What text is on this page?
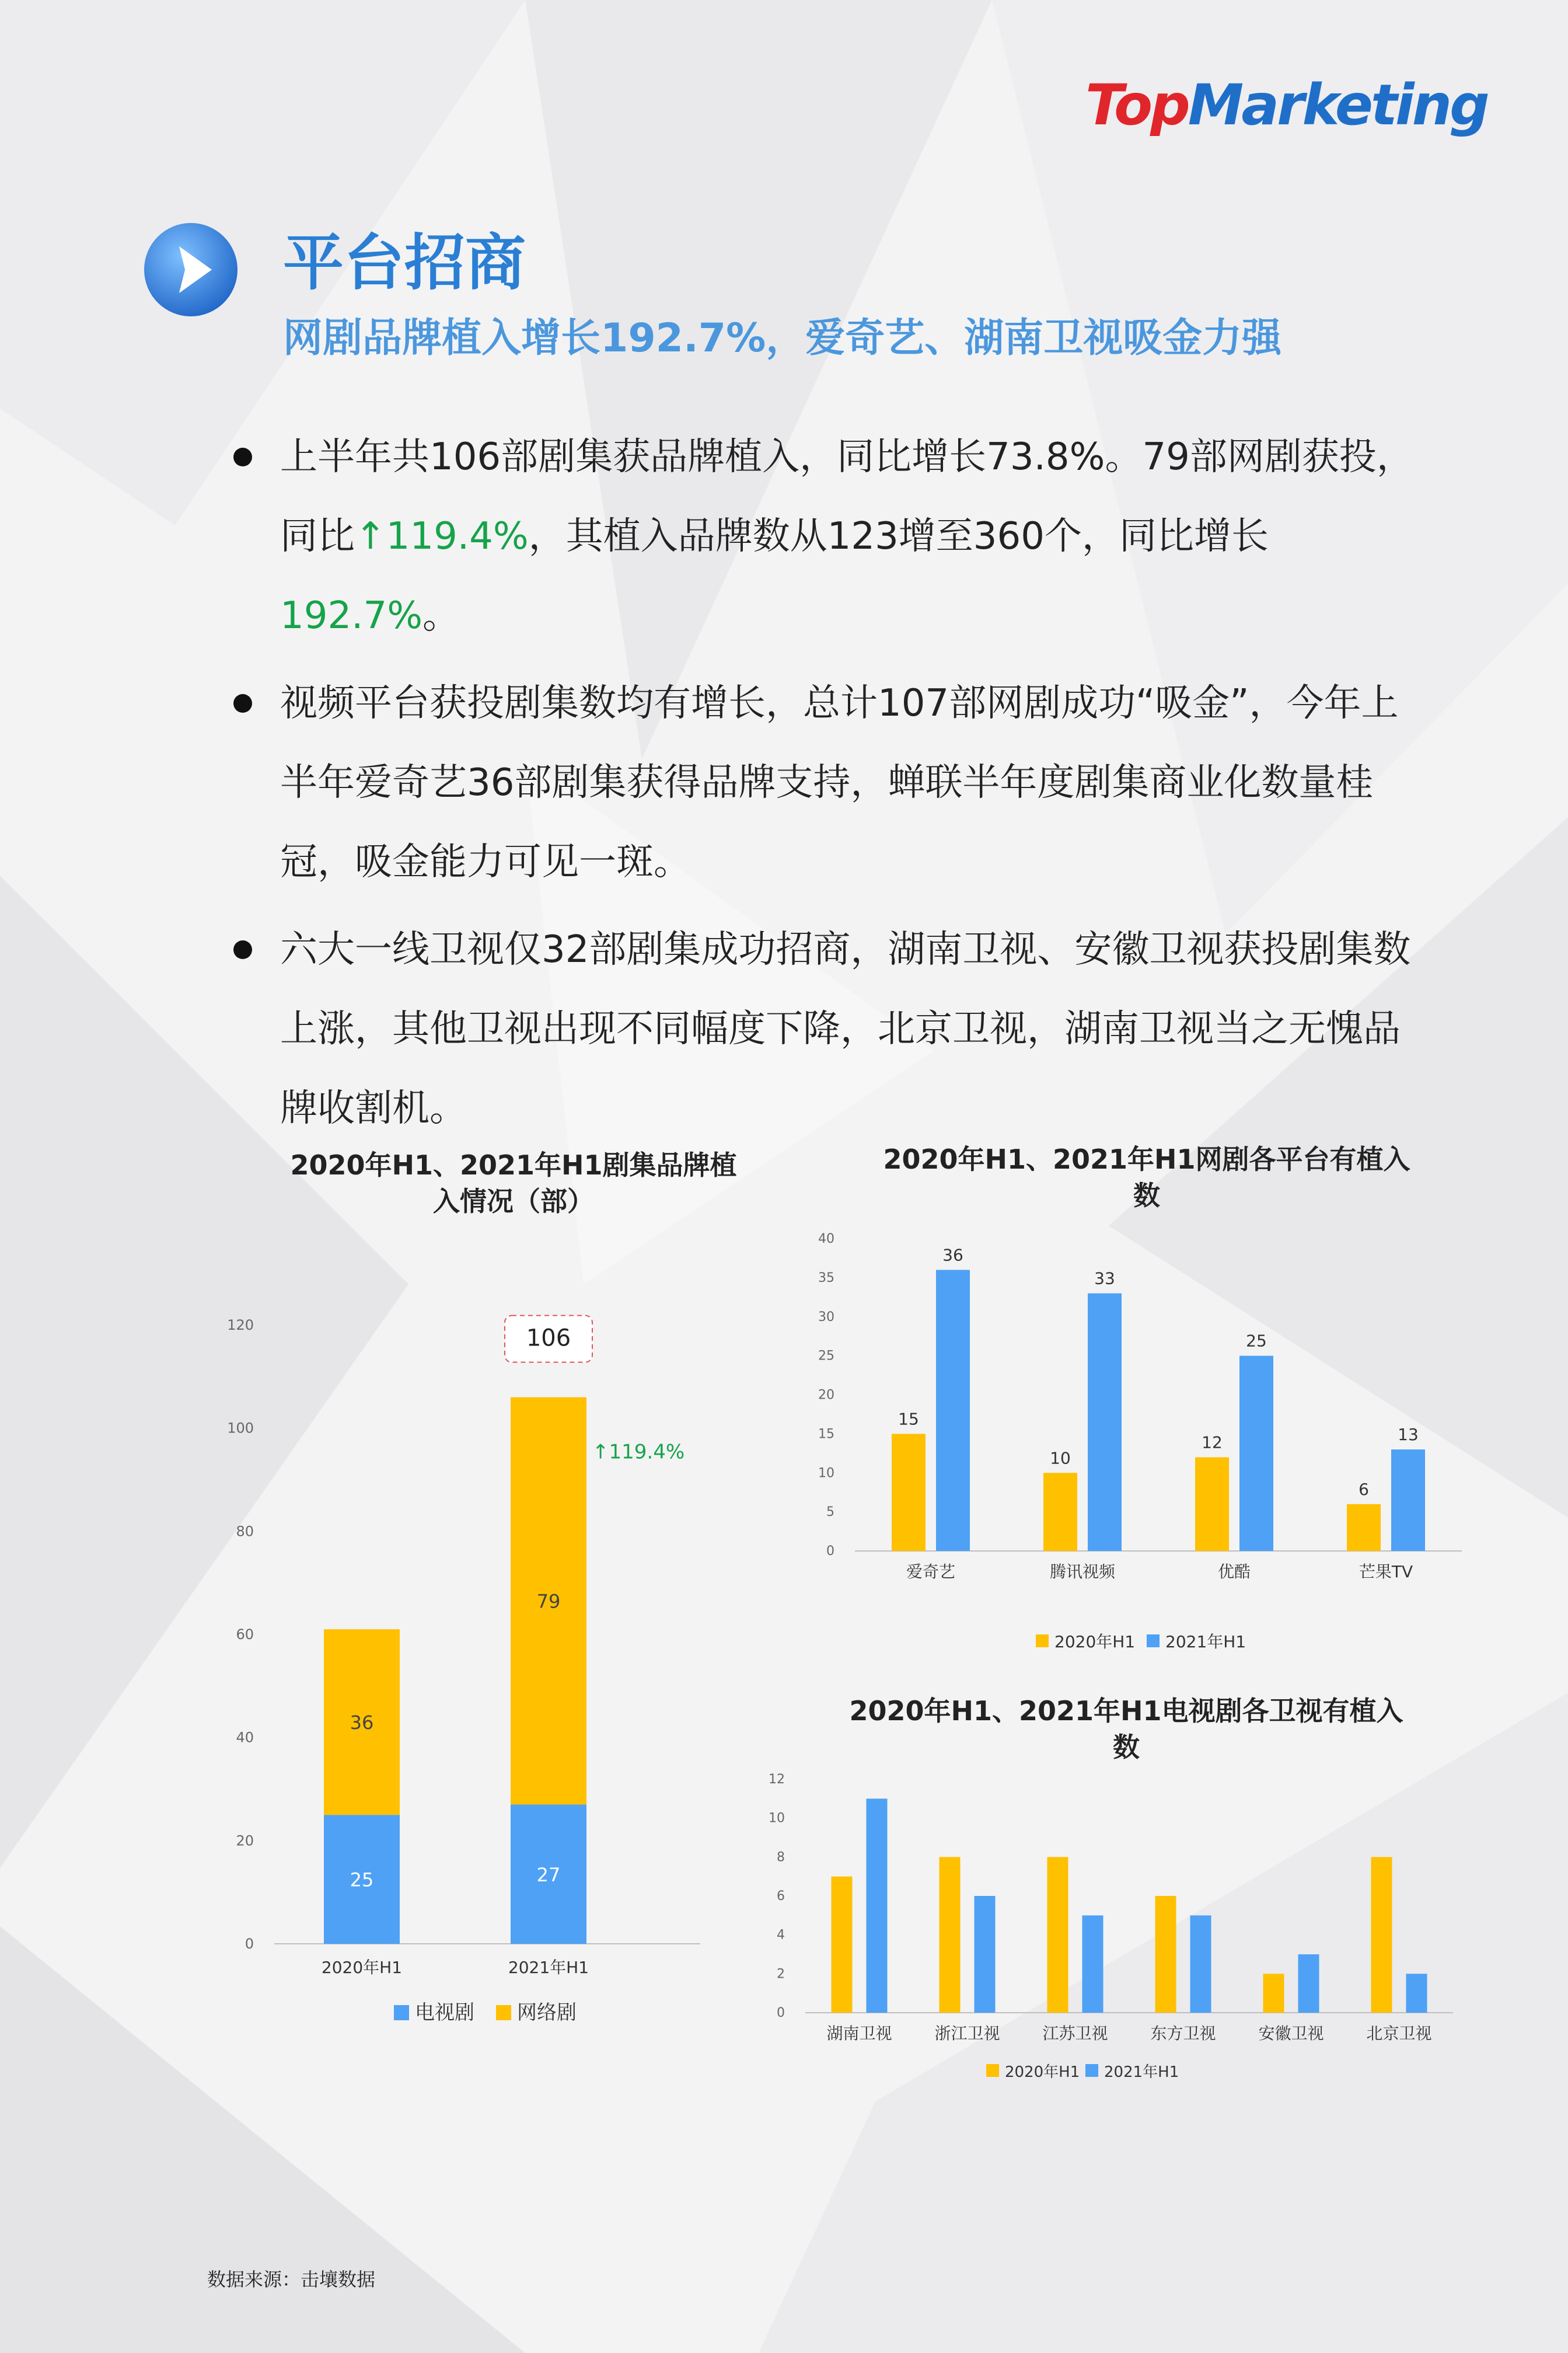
TopMarketing
平台招商
网剧品牌植入增长192.7%，爱奇艺、湖南卫视吸金力强
上半年共106部剧集获品牌植入，同比增长73.8%。79部网剧获投，同比↑119.4%，其植入品牌数从123增至360个，同比增长192.7%。
视频平台获投剧集数均有增长，总计107部网剧成功“吸金”，今年上半年爱奇艺36部剧集获得品牌支持，蝉联半年度剧集商业化数量桂冠，吸金能力可见一斑。
六大一线卫视仅32部剧集成功招商，湖南卫视、安徽卫视获投剧集数上涨，其他卫视出现不同幅度下降，北京卫视，湖南卫视当之无愧品牌收割机。
2020年H1、2021年H1剧集品牌植入情况（部）
2020年H1、2021年H1网剧各平台有植入数
2020年H1、2021年H1电视剧各卫视有植入数
0
20
40
60
80
100
120
25
36
2020年H1
27
79
2021年H1
106
↑119.4%
电视剧 网络剧
0
5
10
15
20
25
30
35
40
15
36
爱奇艺
10
33
腾讯视频
12
25
优酷
6
13
芒果TV
2020年H1 2021年H1
0
2
4
6
8
10
12
湖南卫视	浙江卫视	江苏卫视	东方卫视	安徽卫视	北京卫视
2020年H1 2021年H1
数据来源：击壤数据
